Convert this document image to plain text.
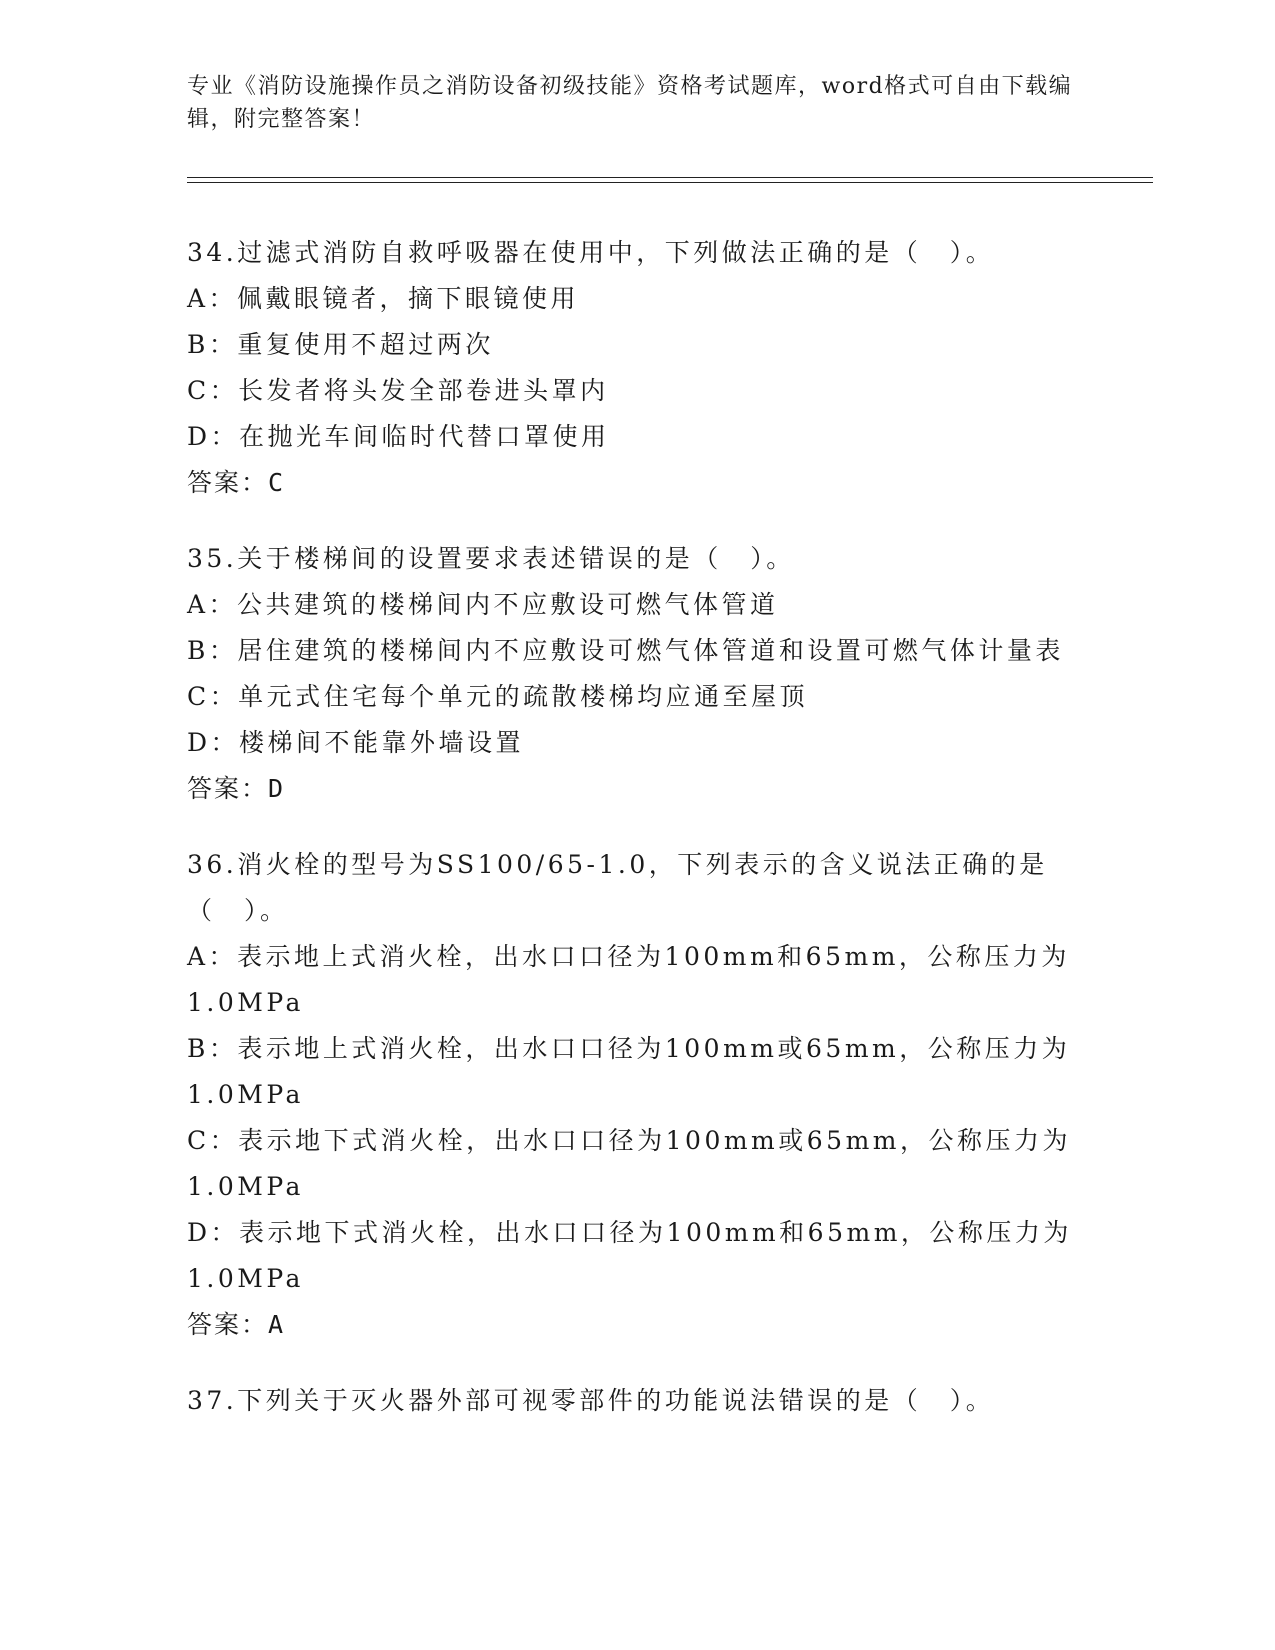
专业《消防设施操作员之消防设备初级技能》资格考试题库，word格式可自由下载编辑，附完整答案！
34.过滤式消防自救呼吸器在使用中，下列做法正确的是（　）。
A：佩戴眼镜者，摘下眼镜使用
B：重复使用不超过两次
C：长发者将头发全部卷进头罩内
D：在抛光车间临时代替口罩使用
答案：C
35.关于楼梯间的设置要求表述错误的是（　）。
A：公共建筑的楼梯间内不应敷设可燃气体管道
B：居住建筑的楼梯间内不应敷设可燃气体管道和设置可燃气体计量表
C：单元式住宅每个单元的疏散楼梯均应通至屋顶
D：楼梯间不能靠外墙设置
答案：D
36.消火栓的型号为SS100/65-1.0，下列表示的含义说法正确的是（　）。
A：表示地上式消火栓，出水口口径为100mm和65mm，公称压力为1.0MPa
B：表示地上式消火栓，出水口口径为100mm或65mm，公称压力为1.0MPa
C：表示地下式消火栓，出水口口径为100mm或65mm，公称压力为1.0MPa
D：表示地下式消火栓，出水口口径为100mm和65mm，公称压力为1.0MPa
答案：A
37.下列关于灭火器外部可视零部件的功能说法错误的是（　）。
